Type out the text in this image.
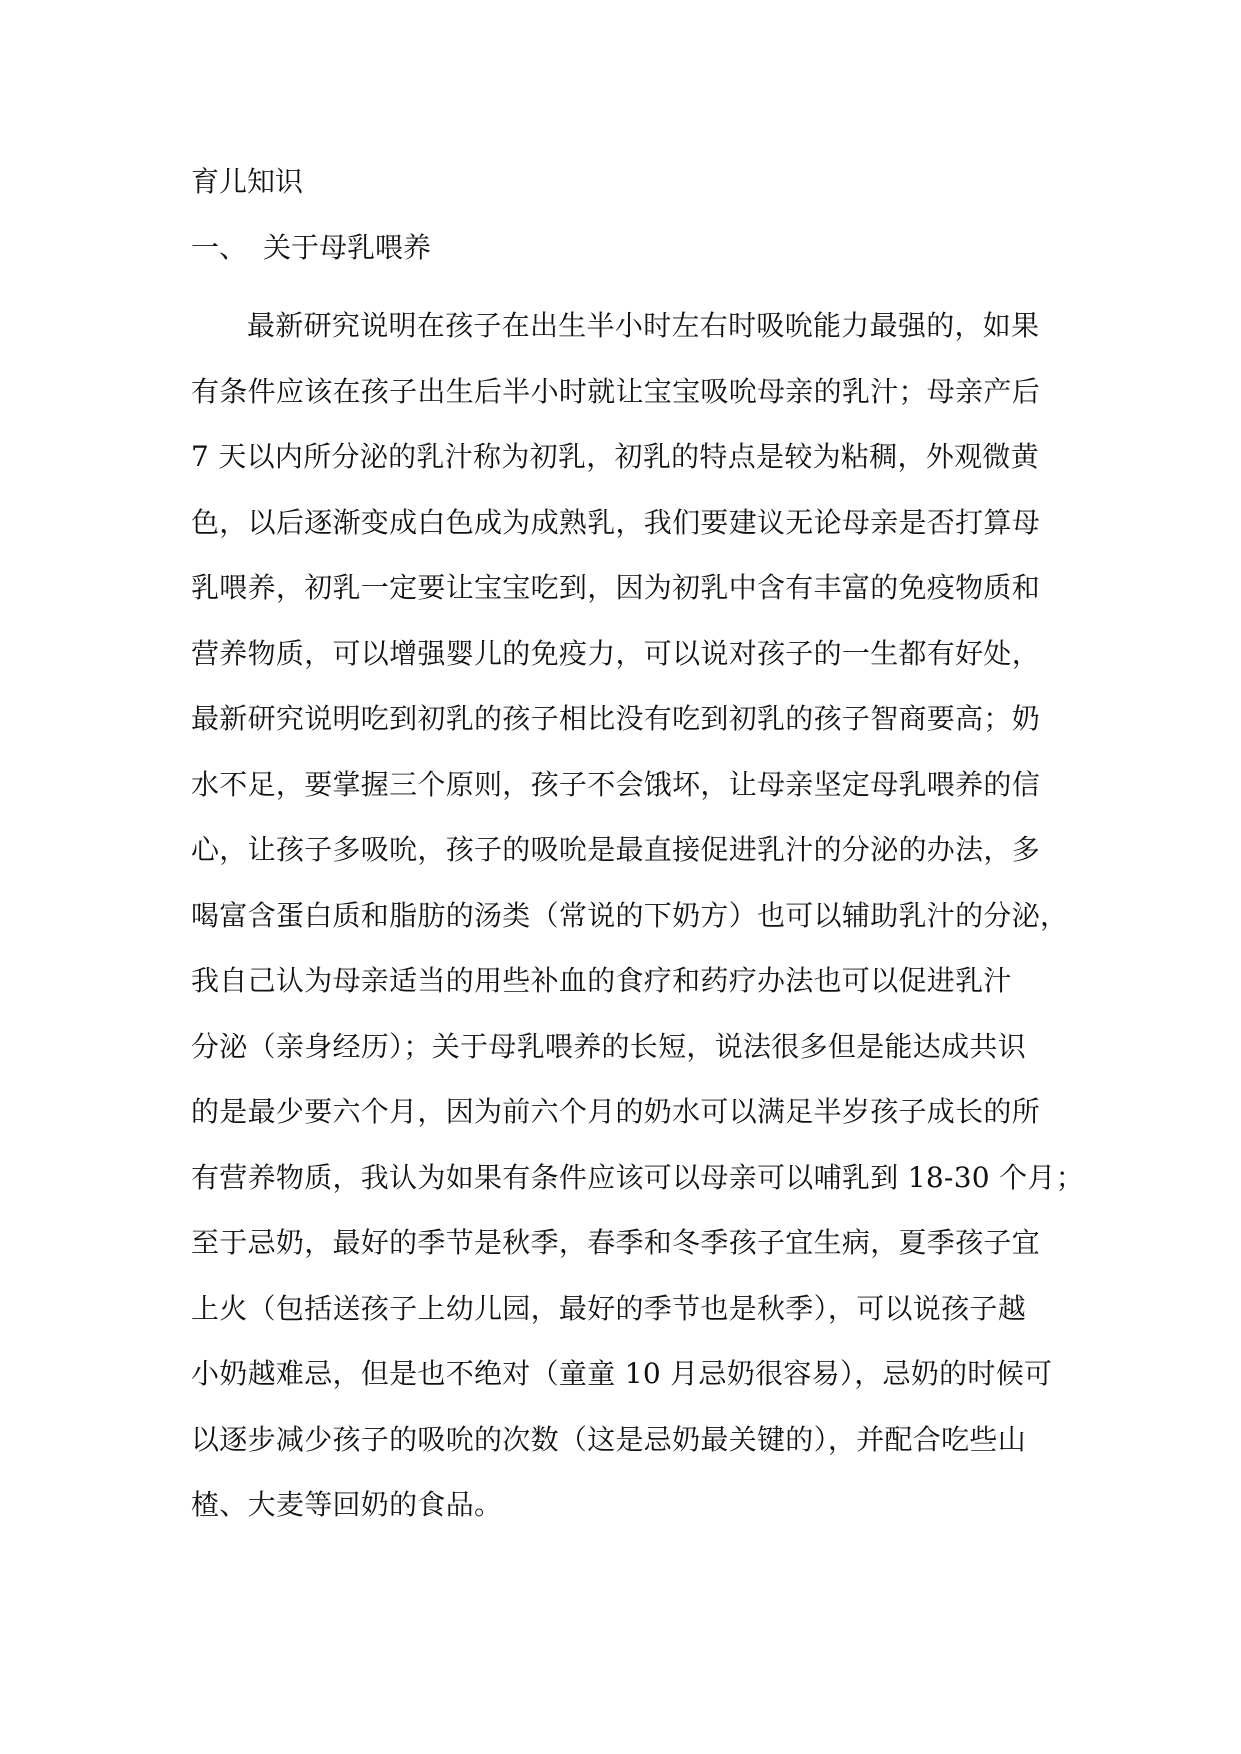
育儿知识
一、 关于母乳喂养
最新研究说明在孩子在出生半小时左右时吸吮能力最强的，如果
有条件应该在孩子出生后半小时就让宝宝吸吮母亲的乳汁；母亲产后
7 天以内所分泌的乳汁称为初乳，初乳的特点是较为粘稠，外观微黄
色，以后逐渐变成白色成为成熟乳，我们要建议无论母亲是否打算母
乳喂养，初乳一定要让宝宝吃到，因为初乳中含有丰富的免疫物质和
营养物质，可以增强婴儿的免疫力，可以说对孩子的一生都有好处，
最新研究说明吃到初乳的孩子相比没有吃到初乳的孩子智商要高；奶
水不足，要掌握三个原则，孩子不会饿坏，让母亲坚定母乳喂养的信
心，让孩子多吸吮，孩子的吸吮是最直接促进乳汁的分泌的办法，多
喝富含蛋白质和脂肪的汤类（常说的下奶方）也可以辅助乳汁的分泌，
我自己认为母亲适当的用些补血的食疗和药疗办法也可以促进乳汁
分泌（亲身经历）；关于母乳喂养的长短，说法很多但是能达成共识
的是最少要六个月，因为前六个月的奶水可以满足半岁孩子成长的所
有营养物质，我认为如果有条件应该可以母亲可以哺乳到 18-30 个月；
至于忌奶，最好的季节是秋季，春季和冬季孩子宜生病，夏季孩子宜
上火（包括送孩子上幼儿园，最好的季节也是秋季），可以说孩子越
小奶越难忌，但是也不绝对（童童 10 月忌奶很容易），忌奶的时候可
以逐步减少孩子的吸吮的次数（这是忌奶最关键的），并配合吃些山
楂、大麦等回奶的食品。
